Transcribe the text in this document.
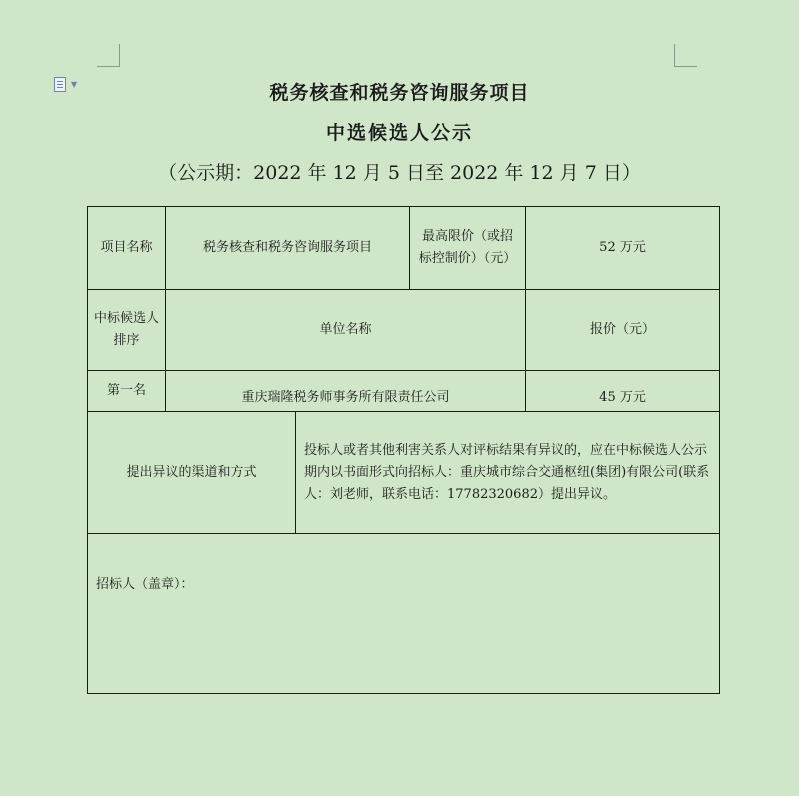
▼	税务核查和税务咨询服务项目
中选候选人公示
（公示期：2022 年 12 月 5 日至 2022 年 12 月 7 日）
项目名称	税务核查和税务咨询服务项目		最高限价（或招标控制价）（元）	52 万元
中标候选人排序	单位名称			报价（元）
第一名	重庆瑞隆税务师事务所有限责任公司			45 万元
提出异议的渠道和方式		投标人或者其他利害关系人对评标结果有异议的，应在中标候选人公示期内以书面形式向招标人：重庆城市综合交通枢纽(集团)有限公司(联系人：刘老师，联系电话：17782320682）提出异议。		
招标人（盖章）：				
